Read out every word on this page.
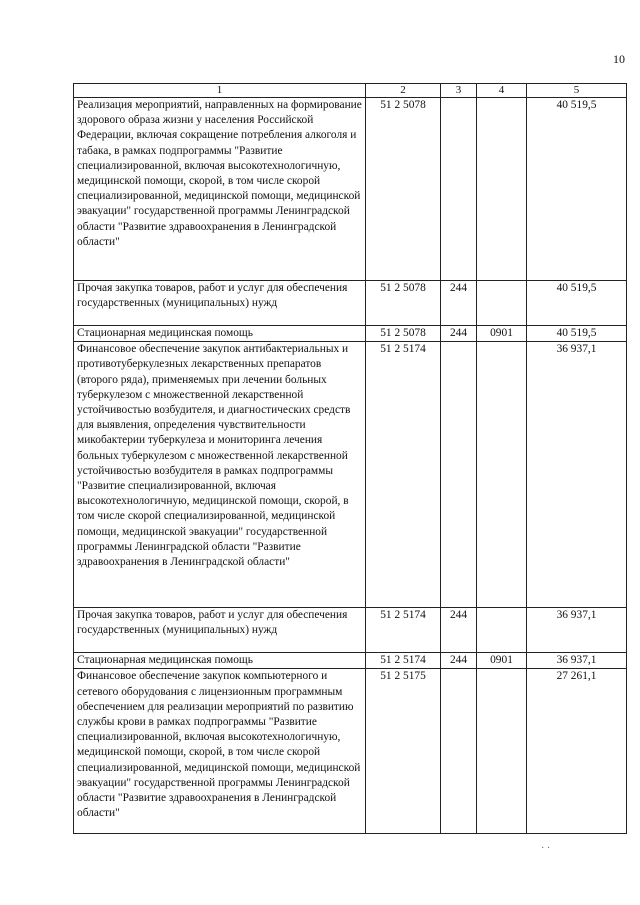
10
1	2	3	4	5
Реализация мероприятий, направленных на формирование здорового образа жизни у населения Российской Федерации, включая сокращение потребления алкоголя и табака, в рамках подпрограммы "Развитие специализированной, включая высокотехнологичную, медицинской помощи, скорой, в том числе скорой специализированной, медицинской помощи, медицинской эвакуации" государственной программы Ленинградской области "Развитие здравоохранения в Ленинградской области"	51 2 5078			40 519,5
Прочая закупка товаров, работ и услуг для обеспечения государственных (муниципальных) нужд	51 2 5078	244		40 519,5
Стационарная медицинская помощь	51 2 5078	244	0901	40 519,5
Финансовое обеспечение закупок антибактериальных и противотуберкулезных лекарственных препаратов (второго ряда), применяемых при лечении больных туберкулезом с множественной лекарственной устойчивостью возбудителя, и диагностических средств для выявления, определения чувствительности микобактерии туберкулеза и мониторинга лечения больных туберкулезом с множественной лекарственной устойчивостью возбудителя в рамках подпрограммы "Развитие специализированной, включая высокотехнологичную, медицинской помощи, скорой, в том числе скорой специализированной, медицинской помощи, медицинской эвакуации" государственной программы Ленинградской области "Развитие здравоохранения в Ленинградской области"	51 2 5174			36 937,1
Прочая закупка товаров, работ и услуг для обеспечения государственных (муниципальных) нужд	51 2 5174	244		36 937,1
Стационарная медицинская помощь	51 2 5174	244	0901	36 937,1
Финансовое обеспечение закупок компьютерного и сетевого оборудования с лицензионным программным обеспечением для реализации мероприятий по развитию службы крови в рамках подпрограммы "Развитие специализированной, включая высокотехнологичную, медицинской помощи, скорой, в том числе скорой специализированной, медицинской помощи, медицинской эвакуации" государственной программы Ленинградской области "Развитие здравоохранения в Ленинградской области"	51 2 5175			27 261,1
· ·
